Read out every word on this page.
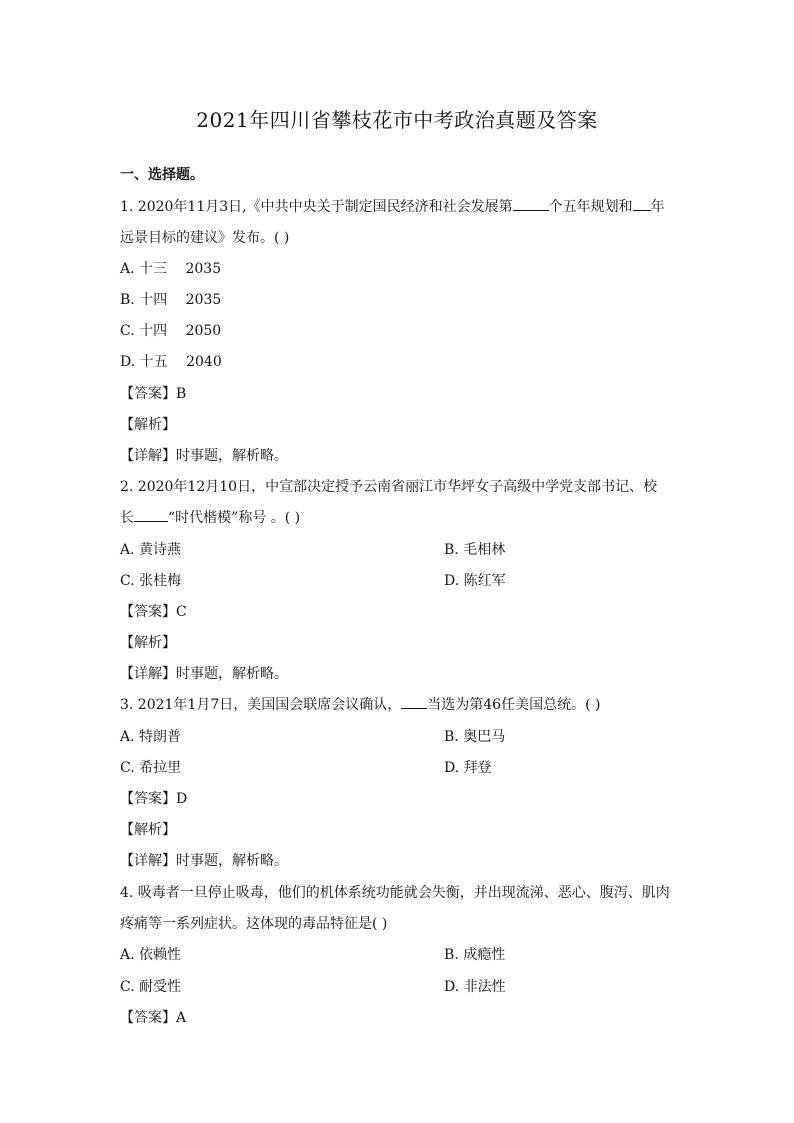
2021年四川省攀枝花市中考政治真题及答案
一、选择题。
1. 2020年11月3日,《中共中央关于制定国民经济和社会发展第	个五年规划和 年
远景目标的建议》发布。( )
A. 十三 2035
B. 十四 2035
C. 十四 2050
D. 十五 2040
【答案】B
【解析】
【详解】时事题，解析略。
2. 2020年12月10日，中宣部决定授予云南省丽江市华坪女子高级中学党支部书记、校
长 “时代楷模”称号 。( )
A. 黄诗燕	B. 毛相林
C. 张桂梅	D. 陈红军
【答案】C
【解析】
【详解】时事题，解析略。
3. 2021年1月7日，美国国会联席会议确认， 当选为第46任美国总统。( )
A. 特朗普	B. 奥巴马
C. 希拉里	D. 拜登
【答案】D
【解析】
【详解】时事题，解析略。
4. 吸毒者一旦停止吸毒，他们的机体系统功能就会失衡，并出现流涕、恶心、腹泻、肌肉
疼痛等一系列症状。这体现的毒品特征是( )
A. 依赖性	B. 成瘾性
C. 耐受性	D. 非法性
【答案】A
